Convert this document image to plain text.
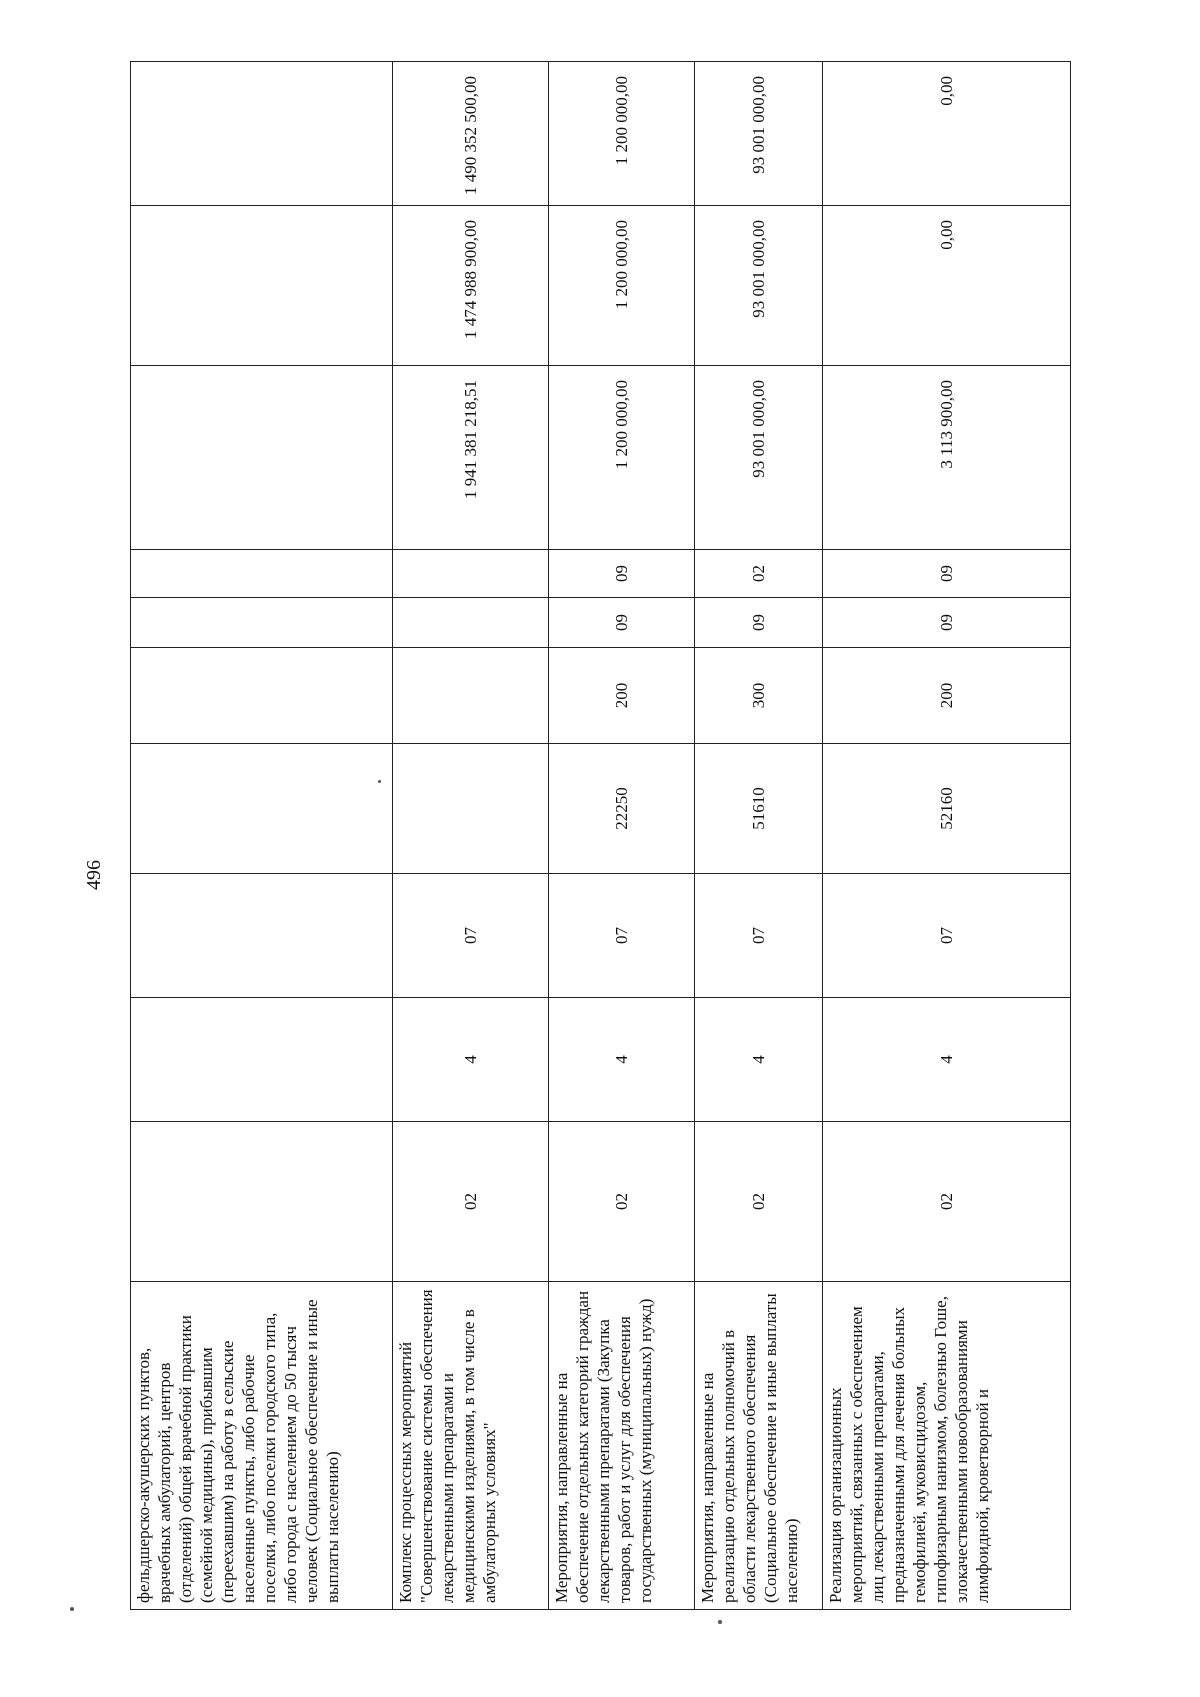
496
фельдшерско-акушерских пунктов, врачебных амбулаторий, центров (отделений) общей врачебной практики (семейной медицины), прибывшим (переехавшим) на работу в сельские населенные пункты, либо рабочие поселки, либо поселки городского типа, либо города с населением до 50 тысяч человек (Социальное обеспечение и иные выплаты населению)										
Комплекс процессных мероприятий "Совершенствование системы обеспечения лекарственными препаратами и медицинскими изделиями, в том числе в амбулаторных условиях"	02	4	07					1 941 381 218,51	1 474 988 900,00	1 490 352 500,00
Мероприятия, направленные на обеспечение отдельных категорий граждан лекарственными препаратами (Закупка товаров, работ и услуг для обеспечения государственных (муниципальных) нужд)	02	4	07	22250	200	09	09	1 200 000,00	1 200 000,00	1 200 000,00
Мероприятия, направленные на реализацию отдельных полномочий в области лекарственного обеспечения (Социальное обеспечение и иные выплаты населению)	02	4	07	51610	300	09	02	93 001 000,00	93 001 000,00	93 001 000,00
Реализация организационных мероприятий, связанных с обеспечением лиц лекарственными препаратами, предназначенными для лечения больных гемофилией, муковисцидозом, гипофизарным нанизмом, болезнью Гоше, злокачественными новообразованиями лимфоидной, кроветворной и	02	4	07	52160	200	09	09	3 113 900,00	0,00	0,00
